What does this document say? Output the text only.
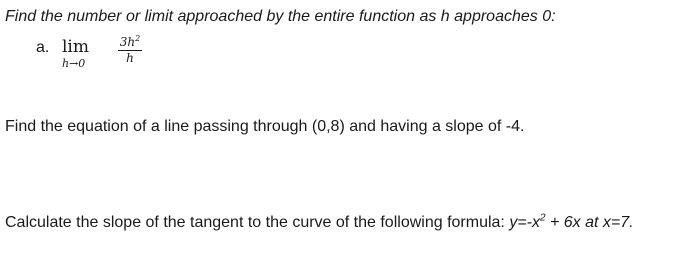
Find the number or limit approached by the entire function as h approaches 0:
a. lim
h→0
$3h^2$
h
Find the equation of a line passing through (0,8) and having a slope of -4.
Calculate the slope of the tangent to the curve of the following formula: $y=-x^2 + 6x$ at x=7.
